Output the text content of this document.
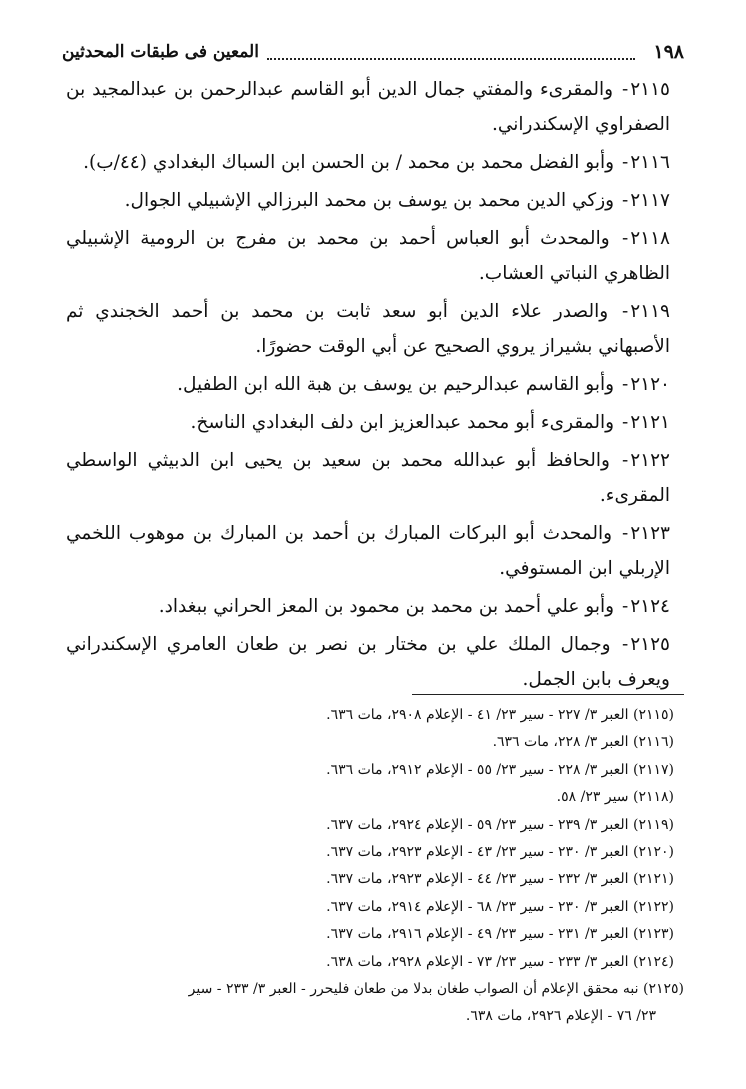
١٩٨
المعين فى طبقات المحدثين

٢١١٥- والمقرىء والمفتي جمال الدين أبو القاسم عبدالرحمن بن عبدالمجيد بن الصفراوي الإسكندراني.

٢١١٦- وأبو الفضل محمد بن محمد / بن الحسن ابن السباك البغدادي (٤٤/ب).

٢١١٧- وزكي الدين محمد بن يوسف بن محمد البرزالي الإشبيلي الجوال.

٢١١٨- والمحدث أبو العباس أحمد بن محمد بن مفرج بن الرومية الإشبيلي الظاهري النباتي العشاب.

٢١١٩- والصدر علاء الدين أبو سعد ثابت بن محمد بن أحمد الخجندي ثم الأصبهاني بشيراز يروي الصحيح عن أبي الوقت حضورًا.

٢١٢٠- وأبو القاسم عبدالرحيم بن يوسف بن هبة الله ابن الطفيل.

٢١٢١- والمقرىء أبو محمد عبدالعزيز ابن دلف البغدادي الناسخ.

٢١٢٢- والحافظ أبو عبدالله محمد بن سعيد بن يحيى ابن الدبيثي الواسطي المقرىء.

٢١٢٣- والمحدث أبو البركات المبارك بن أحمد بن المبارك بن موهوب اللخمي الإربلي ابن المستوفي.

٢١٢٤- وأبو علي أحمد بن محمد بن محمود بن المعز الحراني ببغداد.

٢١٢٥- وجمال الملك علي بن مختار بن نصر بن طعان العامري الإسكندراني ويعرف بابن الجمل.

(٢١١٥) العبر ٣/ ٢٢٧ - سير ٢٣/ ٤١ - الإعلام ٢٩٠٨، مات ٦٣٦.

(٢١١٦) العبر ٣/ ٢٢٨، مات ٦٣٦.

(٢١١٧) العبر ٣/ ٢٢٨ - سير ٢٣/ ٥٥ - الإعلام ٢٩١٢، مات ٦٣٦.

(٢١١٨) سير ٢٣/ ٥٨.

(٢١١٩) العبر ٣/ ٢٣٩ - سير ٢٣/ ٥٩ - الإعلام ٢٩٢٤، مات ٦٣٧.

(٢١٢٠) العبر ٣/ ٢٣٠ - سير ٢٣/ ٤٣ - الإعلام ٢٩٢٣، مات ٦٣٧.

(٢١٢١) العبر ٣/ ٢٣٢ - سير ٢٣/ ٤٤ - الإعلام ٢٩٢٣، مات ٦٣٧.

(٢١٢٢) العبر ٣/ ٢٣٠ - سير ٢٣/ ٦٨ - الإعلام ٢٩١٤، مات ٦٣٧.

(٢١٢٣) العبر ٣/ ٢٣١ - سير ٢٣/ ٤٩ - الإعلام ٢٩١٦، مات ٦٣٧.

(٢١٢٤) العبر ٣/ ٢٣٣ - سير ٢٣/ ٧٣ - الإعلام ٢٩٢٨، مات ٦٣٨.

(٢١٢٥) نبه محقق الإعلام أن الصواب طغان بدلا من طعان فليحرر - العبر ٣/ ٢٣٣ - سير
٢٣/ ٧٦ - الإعلام ٢٩٢٦، مات ٦٣٨.
